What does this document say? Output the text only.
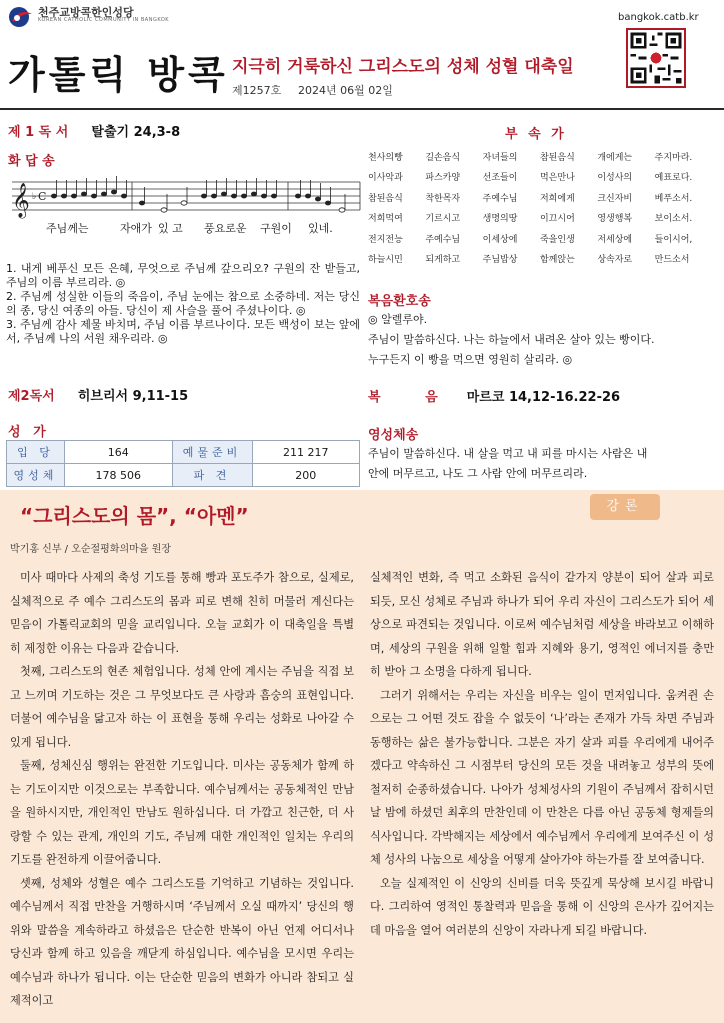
천주교방콕한인성당
KOREAN CATHOLIC COMMUNITY IN BANGKOK
가톨릭 방콕 지극히 거룩하신 그리스도의 성체 성혈 대축일
제1257호 2024년 06월 02일
bangkok.catb.kr
제 1 독 서 탈출기 24,3-8
화 답 송
𝄞 ♭ C
주님께는	자애가 있 고 풍요로운 구원이 있네.

1. 내게 베푸신 모든 은혜, 무엇으로 주님께 갚으리오? 구원의 잔 받들고, 주님의 이름 부르리라. ◎

2. 주님께 성실한 이들의 죽음이, 주님 눈에는 참으로 소중하네. 저는 당신의 종, 당신 여종의 아들. 당신이 제 사슬을 풀어 주셨나이다. ◎

3. 주님께 감사 제물 바치며, 주님 이름 부르나이다. 모든 백성이 보는 앞에서, 주님께 나의 서원 채우리라. ◎

제2독서 히브리서 9,11-15
성 가
입 당	164	예물준비	211 217
영성체	178 506	파 견	200
부 속 가
천사의빵	길손음식	자녀들의	참된음식	개에게는	주지마라.
이사악과	파스카양	선조들이	먹은만나	이성사의	예표로다.
참된음식	착한목자	주예수님	저희에게	크신자비	베푸소서.
저희먹여	기르시고	생명의땅	이끄시어	영생행복	보이소서.
전지전능	주예수님	이세상에	죽을인생	저세상에	들이시어,
하늘시민	되게하고	주님밥상	함께앉는	상속자로	만드소서
복음환호송
◎ 알렐루야.
주님이 말씀하신다. 나는 하늘에서 내려온 살아 있는 빵이다.
누구든지 이 빵을 먹으면 영원히 살리라. ◎
복 음 마르코 14,12-16.22-26
영성체송
주님이 말씀하신다. 내 살을 먹고 내 피를 마시는 사람은 내
안에 머무르고, 나도 그 사람 안에 머무르리라.
“그리스도의 몸”, “아멘”	강론
박기홍 신부 / 오순절평화의마을 원장

미사 때마다 사제의 축성 기도를 통해 빵과 포도주가 참으로, 실제로, 실체적으로 주 예수 그리스도의 몸과 피로 변해 친히 머물러 계신다는 믿음이 가톨릭교회의 믿을 교리입니다. 오늘 교회가 이 대축일을 특별히 제정한 이유는 다음과 같습니다.

첫째, 그리스도의 현존 체험입니다. 성체 안에 계시는 주님을 직접 보고 느끼며 기도하는 것은 그 무엇보다도 큰 사랑과 흠숭의 표현입니다. 더불어 예수님을 닮고자 하는 이 표현을 통해 우리는 성화로 나아갈 수 있게 됩니다.

둘째, 성체신심 행위는 완전한 기도입니다. 미사는 공동체가 함께 하는 기도이지만 이것으로는 부족합니다. 예수님께서는 공동체적인 만남을 원하시지만, 개인적인 만남도 원하십니다. 더 가깝고 친근한, 더 사랑할 수 있는 관계, 개인의 기도, 주님께 대한 개인적인 일치는 우리의 기도를 완전하게 이끌어줍니다.

셋째, 성체와 성혈은 예수 그리스도를 기억하고 기념하는 것입니다. 예수님께서 직접 만찬을 거행하시며 ‘주님께서 오실 때까지’ 당신의 행위와 말씀을 계속하라고 하셨음은 단순한 반복이 아닌 언제 어디서나 당신과 함께 하고 있음을 깨닫게 하심입니다. 예수님을 모시면 우리는 예수님과 하나가 됩니다. 이는 단순한 믿음의 변화가 아니라 참되고 실제적이고

실체적인 변화, 즉 먹고 소화된 음식이 같가지 양분이 되어 살과 피로 되듯, 모신 성체로 주님과 하나가 되어 우리 자신이 그리스도가 되어 세상으로 파견되는 것입니다. 이로써 예수님처럼 세상을 바라보고 이해하며, 세상의 구원을 위해 일할 힘과 지혜와 용기, 영적인 에너지를 충만히 받아 그 소명을 다하게 됩니다.

그러기 위해서는 우리는 자신을 비우는 일이 먼저입니다. 움켜쥔 손으로는 그 어떤 것도 잡을 수 없듯이 ‘나’라는 존재가 가득 차면 주님과 동행하는 삶은 불가능합니다. 그분은 자기 살과 피를 우리에게 내어주겠다고 약속하신 그 시점부터 당신의 모든 것을 내려놓고 성부의 뜻에 철저히 순종하셨습니다. 나아가 성체성사의 기원이 주님께서 잡히시던 날 밤에 하셨던 최후의 만찬인데 이 만찬은 다름 아닌 공동체 형제들의 식사입니다. 각박해지는 세상에서 예수님께서 우리에게 보여주신 이 성체 성사의 나눔으로 세상을 어떻게 살아가야 하는가를 잘 보여줍니다.

오늘 실제적인 이 신앙의 신비를 더욱 뜻깊게 묵상해 보시길 바랍니다. 그리하여 영적인 통찰력과 믿음을 통해 이 신앙의 은사가 깊어지는 데 마음을 열어 여러분의 신앙이 자라나게 되길 바랍니다.
